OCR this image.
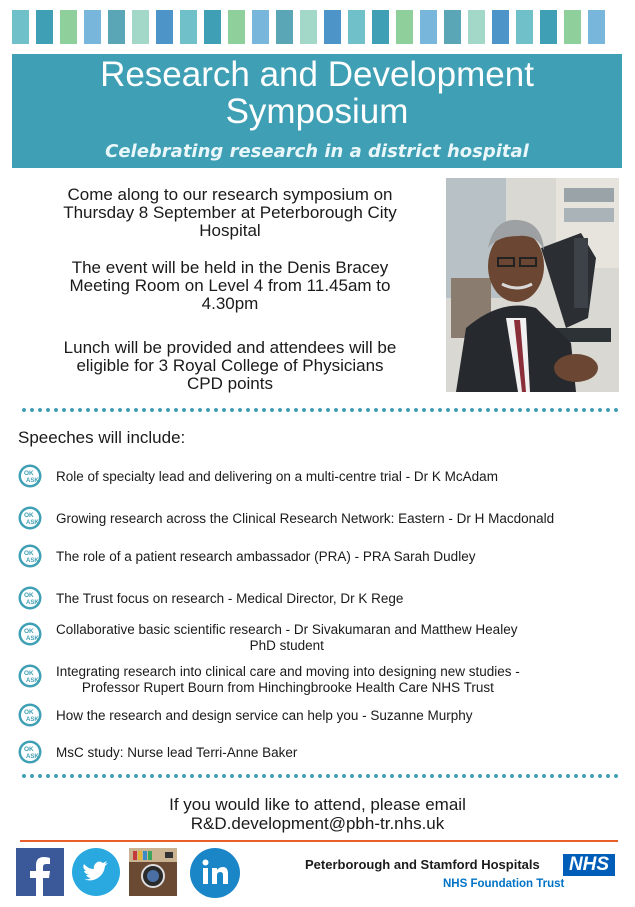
Research and Development
Symposium
Celebrating research in a district hospital

Come along to our research symposium on
Thursday 8 September at Peterborough City
Hospital

The event will be held in the Denis Bracey
Meeting Room on Level 4 from 11.45am to
4.30pm

Lunch will be provided and attendees will be
eligible for 3 Royal College of Physicians
CPD points

Speeches will include:

OK
ASK Role of specialty lead and delivering on a multi-centre trial - Dr K McAdam
OK
ASK Growing research across the Clinical Research Network: Eastern - Dr H Macdonald
OK
ASK The role of a patient research ambassador (PRA) - PRA Sarah Dudley
OK
ASK The Trust focus on research - Medical Director, Dr K Rege
OK
ASK
Collaborative basic scientific research - Dr Sivakumaran and Matthew Healey
PhD student
OK
ASK
Integrating research into clinical care and moving into designing new studies -
Professor Rupert Bourn from Hinchingbrooke Health Care NHS Trust
OK
ASK How the research and design service can help you - Suzanne Murphy
OK
ASK MsC study: Nurse lead Terri-Anne Baker
If you would like to attend, please email
R&D.development@pbh-tr.nhs.uk
Peterborough and Stamford Hospitals
NHS Foundation Trust
NHS
